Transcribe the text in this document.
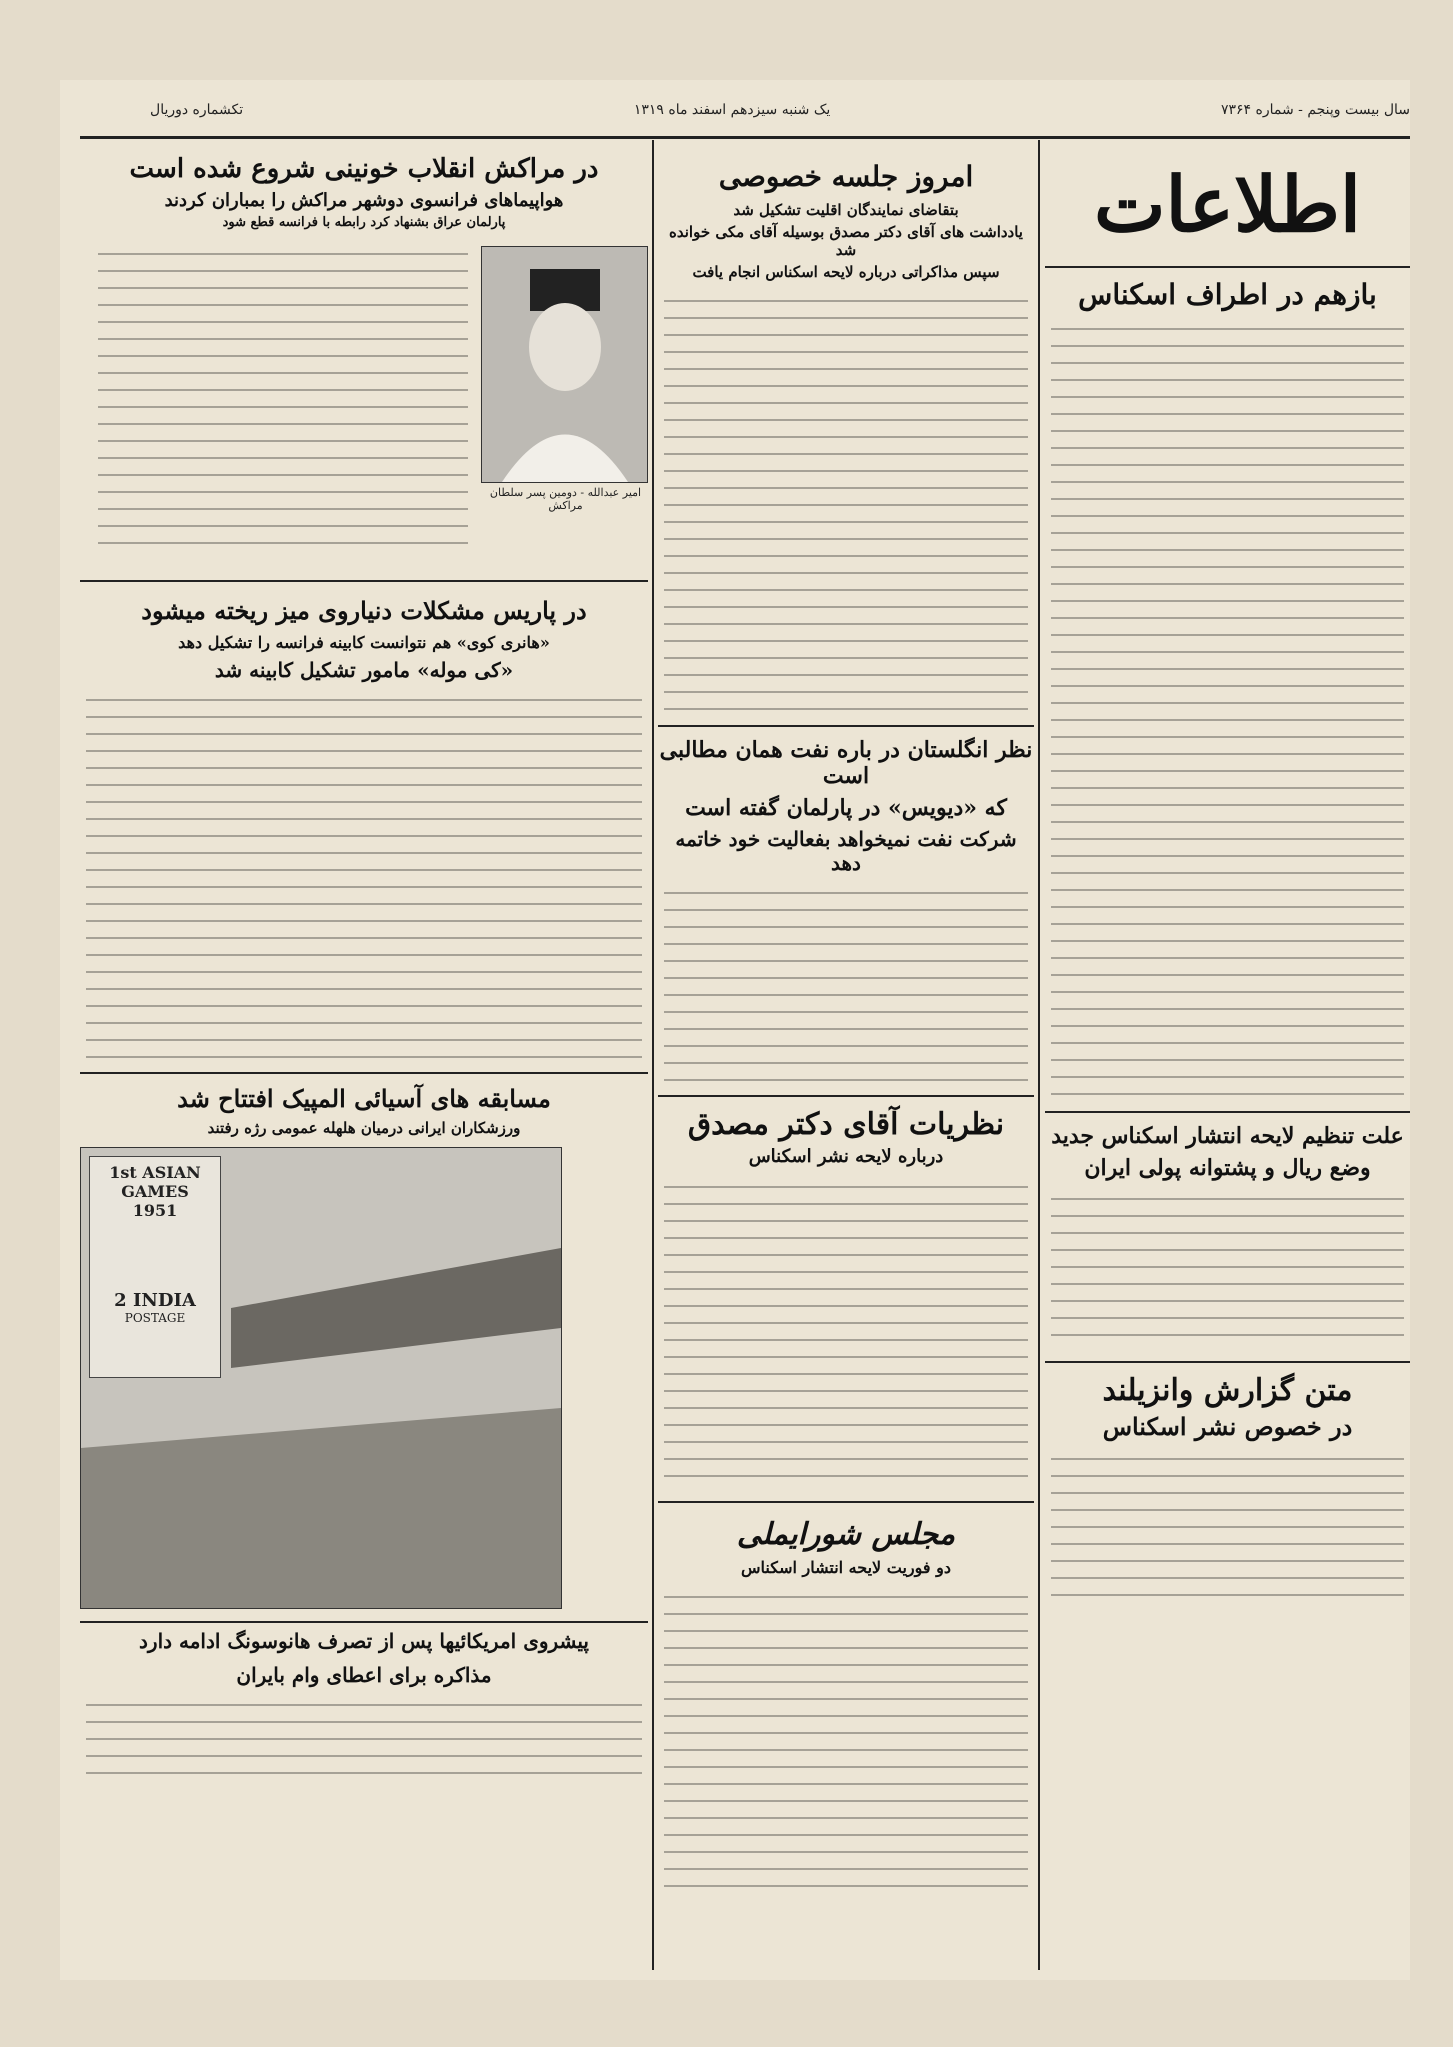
سال بیست وپنجم - شماره ۷۳۶۴
یک شنبه سیزدهم اسفند ماه ۱۳۱۹
تکشماره دوریال
اطلاعات
بازهم در اطراف اسکناس
علت تنظیم لایحه انتشار اسکناس جدید
وضع ریال و پشتوانه پولی ایران
متن گزارش وانزیلند
در خصوص نشر اسکناس
امروز جلسه خصوصی
بتقاضای نمایندگان اقلیت تشکیل شد
یادداشت های آقای دکتر مصدق بوسیله آقای مکی خوانده شد
سپس مذاکراتی درباره لایحه اسکناس انجام یافت
نظر انگلستان در باره نفت همان مطالبی است
که «دیویس» در پارلمان گفته است
شرکت نفت نمیخواهد بفعالیت خود خاتمه دهد
نظریات آقای دکتر مصدق
درباره لایحه نشر اسکناس
مجلس شورایملی
دو فوریت لایحه انتشار اسکناس
در مراکش انقلاب خونینی شروع شده است
هواپیماهای فرانسوی دوشهر مراکش را بمباران کردند
پارلمان عراق بشنهاد کرد رابطه با فرانسه قطع شود
امیر عبدالله - دومین پسر سلطان مراکش
در پاریس مشکلات دنیاروی میز ریخته میشود
«هانری کوی» هم نتوانست کابینه فرانسه را تشکیل دهد
«کی موله» مامور تشکیل کابینه شد
مسابقه های آسیائی المپیک افتتاح شد
ورزشکاران ایرانی درمیان هلهله عمومی رژه رفتند
1st ASIAN GAMES
1951
2 INDIA
POSTAGE
پیشروی امریکائیها پس از تصرف هانوسونگ ادامه دارد
مذاکره برای اعطای وام بایران
